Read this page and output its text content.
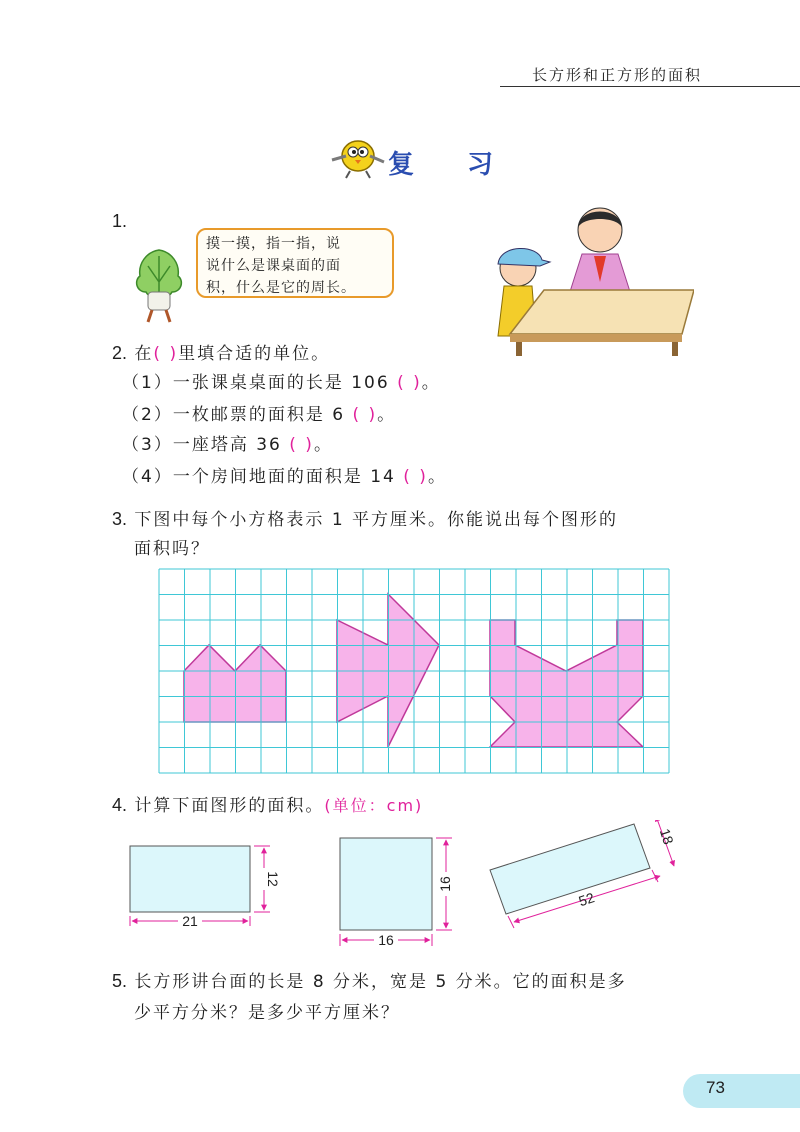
长方形和正方形的面积
复 习
1.
摸一摸，指一指，说
说什么是课桌面的面
积，什么是它的周长。
2. 在( )里填合适的单位。
（1）一张课桌桌面的长是 106 ( )。
（2）一枚邮票的面积是 6 ( )。
（3）一座塔高 36 ( )。
（4）一个房间地面的面积是 14 ( )。
3. 下图中每个小方格表示 1 平方厘米。你能说出每个图形的
面积吗？
4. 计算下面图形的面积。(单位：cm)
21
12
16
16
52
18
5. 长方形讲台面的长是 8 分米，宽是 5 分米。它的面积是多
少平方分米？是多少平方厘米？
73
